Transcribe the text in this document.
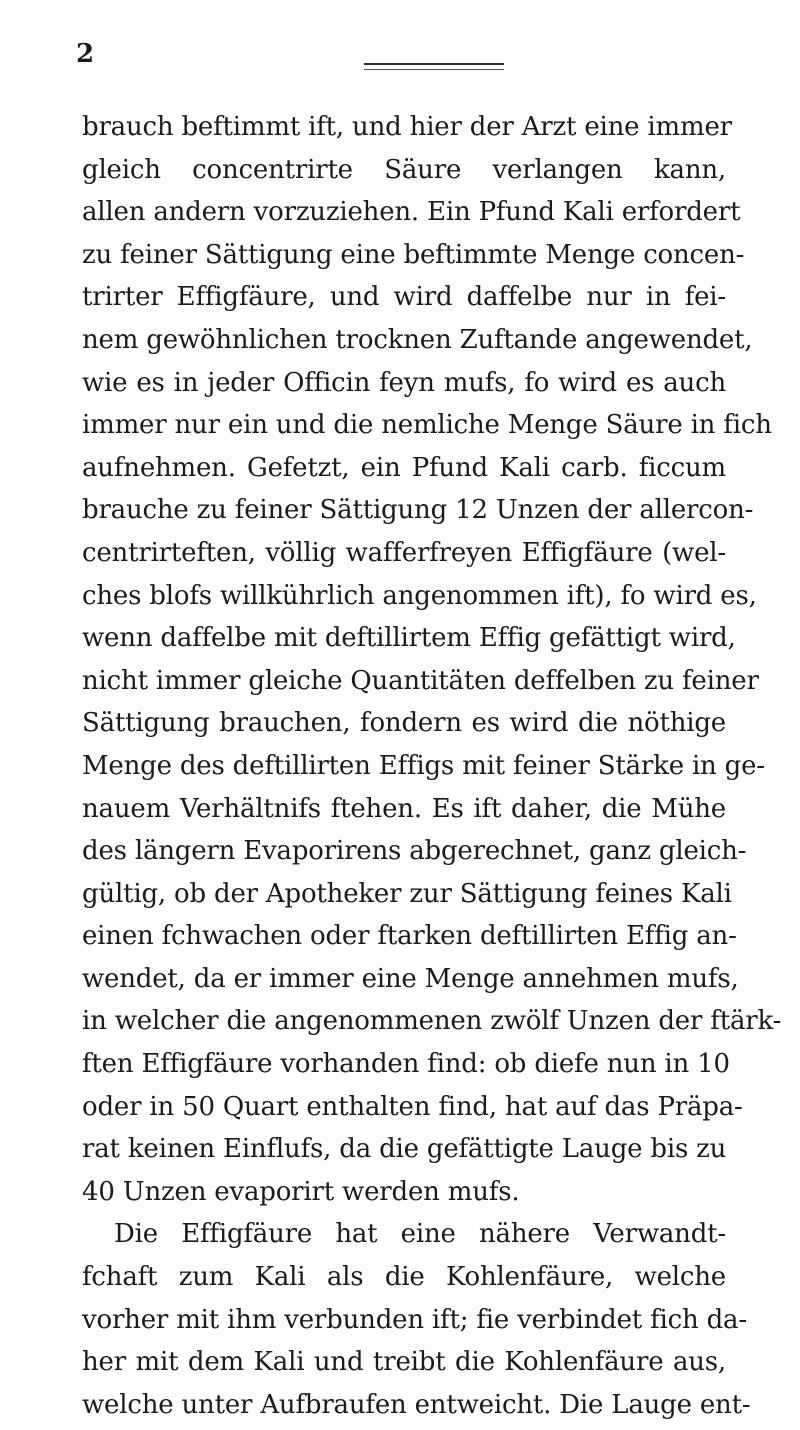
2
brauch beftimmt ift, und hier der Arzt eine immer
gleich concentrirte Säure verlangen kann,
allen andern vorzuziehen. Ein Pfund Kali erfordert
zu feiner Sättigung eine beftimmte Menge concen-
trirter Effigfäure, und wird daffelbe nur in fei-
nem gewöhnlichen trocknen Zuftande angewendet,
wie es in jeder Officin feyn mufs, fo wird es auch
immer nur ein und die nemliche Menge Säure in fich
aufnehmen. Gefetzt, ein Pfund Kali carb. ficcum
brauche zu feiner Sättigung 12 Unzen der allercon-
centrirteften, völlig wafferfreyen Effigfäure (wel-
ches blofs willkührlich angenommen ift), fo wird es,
wenn daffelbe mit deftillirtem Effig gefättigt wird,
nicht immer gleiche Quantitäten deffelben zu feiner
Sättigung brauchen, fondern es wird die nöthige
Menge des deftillirten Effigs mit feiner Stärke in ge-
nauem Verhältnifs ftehen. Es ift daher, die Mühe
des längern Evaporirens abgerechnet, ganz gleich-
gültig, ob der Apotheker zur Sättigung feines Kali
einen fchwachen oder ftarken deftillirten Effig an-
wendet, da er immer eine Menge annehmen mufs,
in welcher die angenommenen zwölf Unzen der ftärk-
ften Effigfäure vorhanden find: ob diefe nun in 10
oder in 50 Quart enthalten find, hat auf das Präpa-
rat keinen Einflufs, da die gefättigte Lauge bis zu
40 Unzen evaporirt werden mufs.
Die Effigfäure hat eine nähere Verwandt-
fchaft zum Kali als die Kohlenfäure, welche
vorher mit ihm verbunden ift; fie verbindet fich da-
her mit dem Kali und treibt die Kohlenfäure aus,
welche unter Aufbraufen entweicht. Die Lauge ent-
